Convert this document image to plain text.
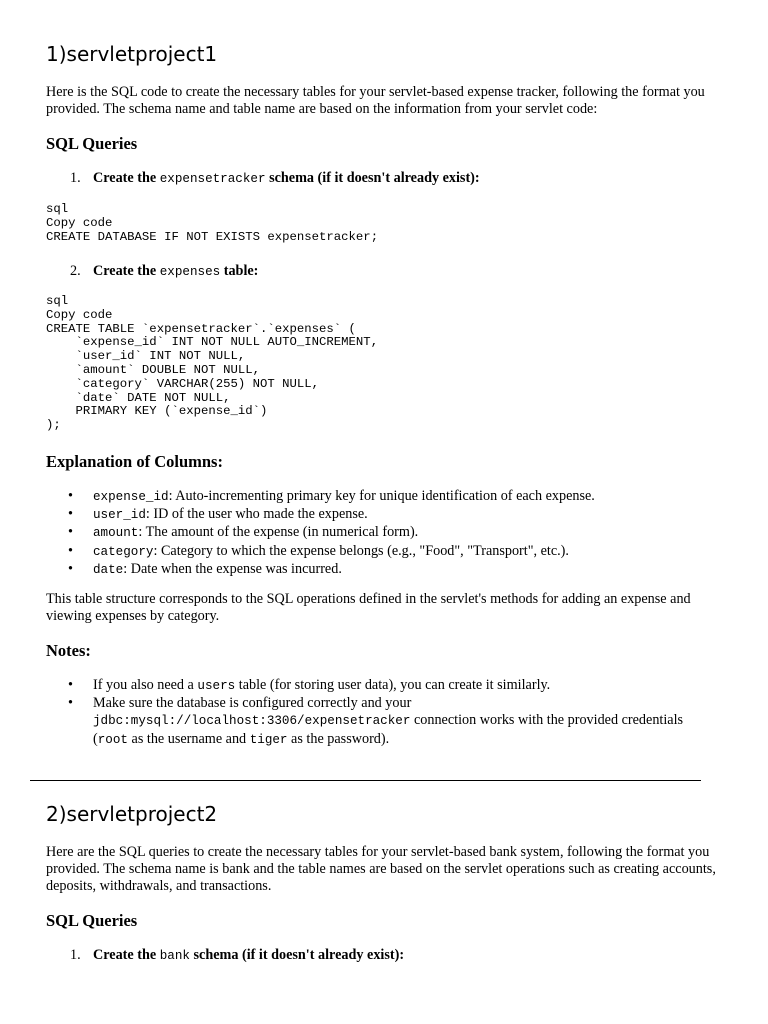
1)servletproject1

Here is the SQL code to create the necessary tables for your servlet-based expense tracker, following the format you provided. The schema name and table name are based on the information from your servlet code:

SQL Queries
1. Create the expensetracker schema (if it doesn't already exist):
sql
Copy code
CREATE DATABASE IF NOT EXISTS expensetracker;
2. Create the expenses table:
sql
Copy code
CREATE TABLE `expensetracker`.`expenses` (
`expense_id` INT NOT NULL AUTO_INCREMENT,
`user_id` INT NOT NULL,
`amount` DOUBLE NOT NULL,
`category` VARCHAR(255) NOT NULL,
`date` DATE NOT NULL,
PRIMARY KEY (`expense_id`)
);
Explanation of Columns:
• expense_id: Auto-incrementing primary key for unique identification of each expense.
• user_id: ID of the user who made the expense.
• amount: The amount of the expense (in numerical form).
• category: Category to which the expense belongs (e.g., "Food", "Transport", etc.).
• date: Date when the expense was incurred.

This table structure corresponds to the SQL operations defined in the servlet's methods for adding an expense and viewing expenses by category.

Notes:
• If you also need a users table (for storing user data), you can create it similarly.
• Make sure the database is configured correctly and your
jdbc:mysql://localhost:3306/expensetracker connection works with the provided credentials
(root as the username and tiger as the password).
2)servletproject2

Here are the SQL queries to create the necessary tables for your servlet-based bank system, following the format you provided. The schema name is bank and the table names are based on the servlet operations such as creating accounts, deposits, withdrawals, and transactions.

SQL Queries
1. Create the bank schema (if it doesn't already exist):
